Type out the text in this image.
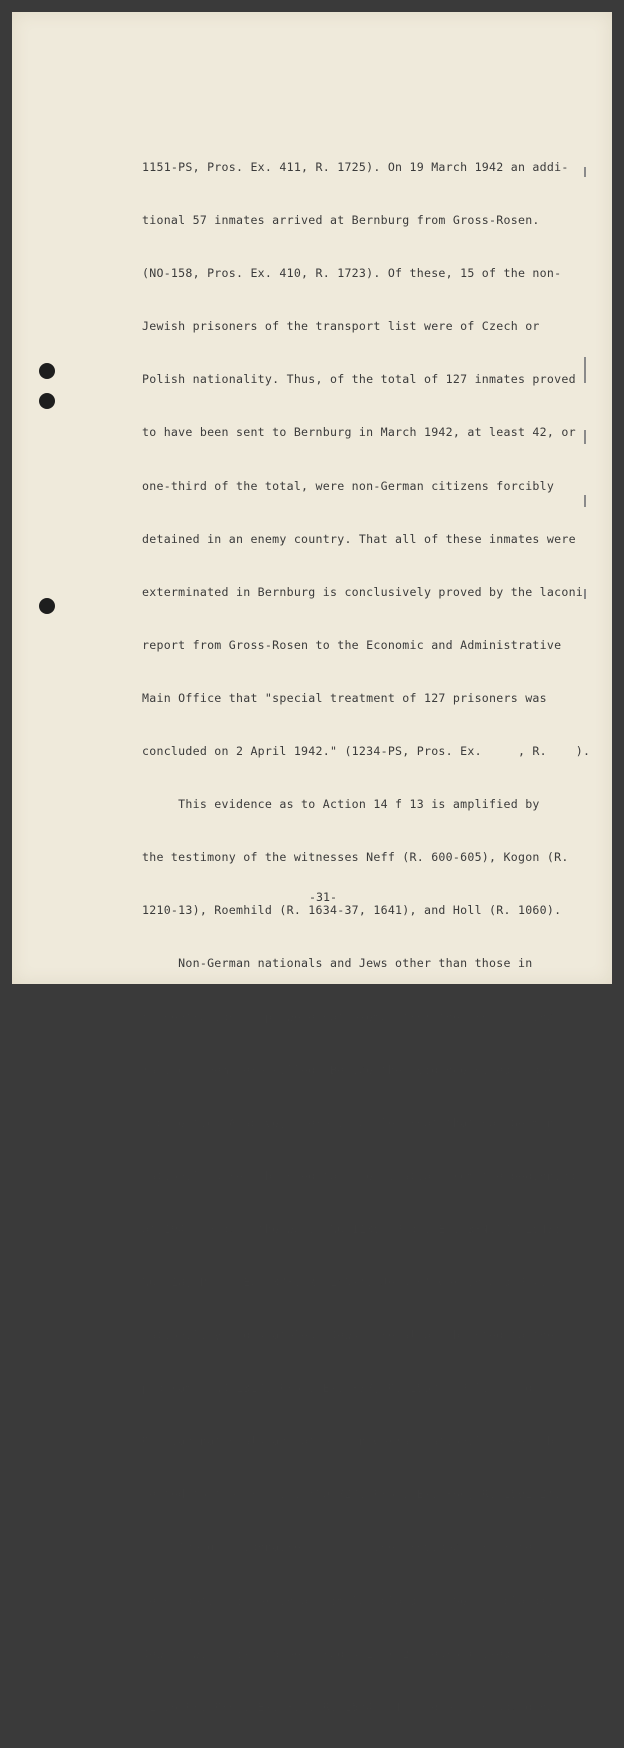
1151-PS, Pros. Ex. 411, R. 1725). On 19 March 1942 an addi-

tional 57 inmates arrived at Bernburg from Gross-Rosen.

(NO-158, Pros. Ex. 410, R. 1723). Of these, 15 of the non-

Jewish prisoners of the transport list were of Czech or

Polish nationality. Thus, of the total of 127 inmates proved

to have been sent to Bernburg in March 1942, at least 42, or

one-third of the total, were non-German citizens forcibly

detained in an enemy country. That all of these inmates were

exterminated in Bernburg is conclusively proved by the laconi

report from Gross-Rosen to the Economic and Administrative

Main Office that "special treatment of 127 prisoners was

concluded on 2 April 1942." (1234-PS, Pros. Ex.     , R.    ).

This evidence as to Action 14 f 13 is amplified by

the testimony of the witnesses Neff (R. 600-605), Kogon (R.

1210-13), Roemhild (R. 1634-37, 1641), and Holl (R. 1060).

Non-German nationals and Jews other than those in

concentration camps were not exempt from the program, and

many of them were killed. Beside the evidence cited under

sub-section A above, there is ample proof that non-German

nationals were subjected to extermination from the beginning

of 1940 through the war, (NO-1135, Pros. Ex. 334, R. 1543;

NO-818, Pros. Ex. 373, R. 1609). Jews of German and Polish

nationality and stateless Jews were also subjected to the

program. (NO-1310, Pros. Ex. 337, R. 1550). Polish and

Russian nationals and other non-German nationals were sub-

jected to the program. (NO-720, Pros. Ex. 366, R. 1591-2).

The questionnaires had a space provided for "race",

being defined: German or similar blood (of German blood),

Jew, Jewish mixed breed Grades 1 or 2, negro (mixed breed).

(1696-PS, Pros. Ex. 357, R. 1574). This question would have

-31-
